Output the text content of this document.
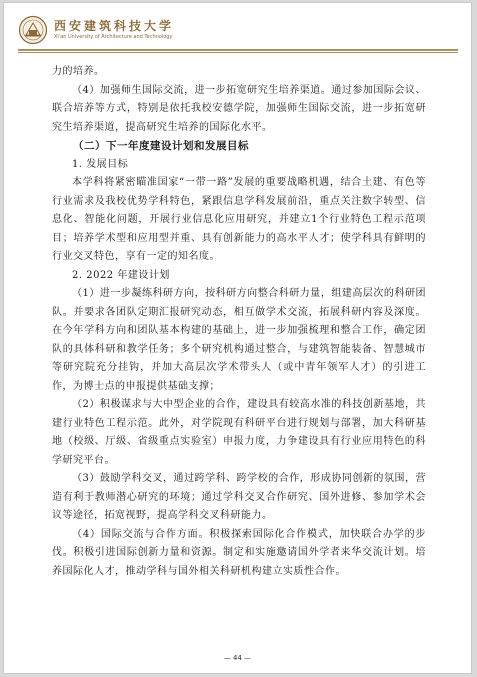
西安建筑科技大学
Xi'an University of Architecture and Technology

力的培养。

（4）加强师生国际交流，进一步拓宽研究生培养渠道。通过参加国际会议、联合培养等方式，特别是依托我校安德学院，加强师生国际交流，进一步拓宽研究生培养渠道，提高研究生培养的国际化水平。

（二）下一年度建设计划和发展目标

1. 发展目标

本学科将紧密瞄准国家“一带一路”发展的重要战略机遇，结合土建、有色等行业需求及我校优势学科特色，紧跟信息学科发展前沿，重点关注数字转型、信息化、智能化问题，开展行业信息化应用研究，并建立1个行业特色工程示范项目；培养学术型和应用型并重、具有创新能力的高水平人才；使学科具有鲜明的行业交叉特色，享有一定的知名度。

2. 2022 年建设计划

（1）进一步凝练科研方向，按科研方向整合科研力量，组建高层次的科研团队。并要求各团队定期汇报研究动态，相互做学术交流，拓展科研内容及深度。在今年学科方向和团队基本构建的基础上，进一步加强梳理和整合工作，确定团队的具体科研和教学任务；多个研究机构通过整合，与建筑智能装备、智慧城市等研究院充分挂钩，并加大高层次学术带头人（或中青年领军人才）的引进工作，为博士点的申报提供基础支撑；

（2）积极谋求与大中型企业的合作，建设具有较高水准的科技创新基地，共建行业特色工程示范。此外，对学院现有科研平台进行规划与部署，加大科研基地（校级、厅级、省级重点实验室）申报力度，力争建设具有行业应用特色的科学研究平台。

（3）鼓励学科交叉，通过跨学科、跨学校的合作，形成协同创新的氛围，营造有利于教师潜心研究的环境；通过学科交叉合作研究、国外进修、参加学术会议等途径，拓宽视野，提高学科交叉科研能力。

（4）国际交流与合作方面。积极探索国际化合作模式，加快联合办学的步伐。积极引进国际创新力量和资源。制定和实施邀请国外学者来华交流计划。培养国际化人才，推动学科与国外相关科研机构建立实质性合作。

— 44 —
